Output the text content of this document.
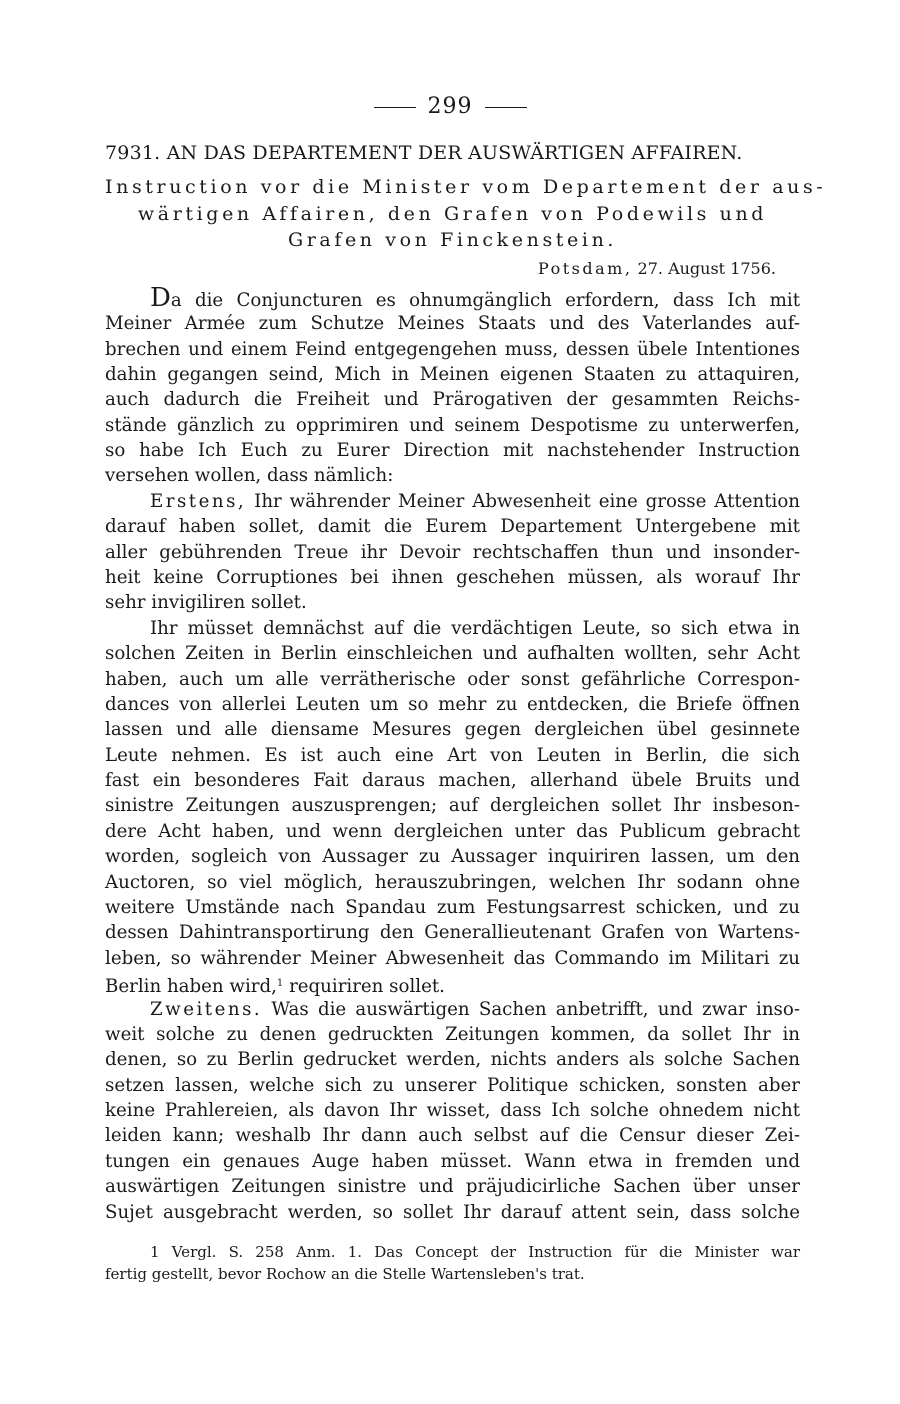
299
7931. AN DAS DEPARTEMENT DER AUSWÄRTIGEN AFFAIREN.
Instruction vor die Minister vom Departement der aus-
wärtigen Affairen, den Grafen von Podewils und
Grafen von Finckenstein.
Potsdam, 27. August 1756.
Da die Conjuncturen es ohnumgänglich erfordern, dass Ich mit
Meiner Armée zum Schutze Meines Staats und des Vaterlandes auf-
brechen und einem Feind entgegengehen muss, dessen übele Intentiones
dahin gegangen seind, Mich in Meinen eigenen Staaten zu attaquiren,
auch dadurch die Freiheit und Prärogativen der gesammten Reichs-
stände gänzlich zu opprimiren und seinem Despotisme zu unterwerfen,
so habe Ich Euch zu Eurer Direction mit nachstehender Instruction
versehen wollen, dass nämlich:
Erstens, Ihr währender Meiner Abwesenheit eine grosse Attention
darauf haben sollet, damit die Eurem Departement Untergebene mit
aller gebührenden Treue ihr Devoir rechtschaffen thun und insonder-
heit keine Corruptiones bei ihnen geschehen müssen, als worauf Ihr
sehr invigiliren sollet.
Ihr müsset demnächst auf die verdächtigen Leute, so sich etwa in
solchen Zeiten in Berlin einschleichen und aufhalten wollten, sehr Acht
haben, auch um alle verrätherische oder sonst gefährliche Correspon-
dances von allerlei Leuten um so mehr zu entdecken, die Briefe öffnen
lassen und alle diensame Mesures gegen dergleichen übel gesinnete
Leute nehmen. Es ist auch eine Art von Leuten in Berlin, die sich
fast ein besonderes Fait daraus machen, allerhand übele Bruits und
sinistre Zeitungen auszusprengen; auf dergleichen sollet Ihr insbeson-
dere Acht haben, und wenn dergleichen unter das Publicum gebracht
worden, sogleich von Aussager zu Aussager inquiriren lassen, um den
Auctoren, so viel möglich, herauszubringen, welchen Ihr sodann ohne
weitere Umstände nach Spandau zum Festungsarrest schicken, und zu
dessen Dahintransportirung den Generallieutenant Grafen von Wartens-
leben, so währender Meiner Abwesenheit das Commando im Militari zu
Berlin haben wird,$^1$ requiriren sollet.
Zweitens. Was die auswärtigen Sachen anbetrifft, und zwar inso-
weit solche zu denen gedruckten Zeitungen kommen, da sollet Ihr in
denen, so zu Berlin gedrucket werden, nichts anders als solche Sachen
setzen lassen, welche sich zu unserer Politique schicken, sonsten aber
keine Prahlereien, als davon Ihr wisset, dass Ich solche ohnedem nicht
leiden kann; weshalb Ihr dann auch selbst auf die Censur dieser Zei-
tungen ein genaues Auge haben müsset. Wann etwa in fremden und
auswärtigen Zeitungen sinistre und präjudicirliche Sachen über unser
Sujet ausgebracht werden, so sollet Ihr darauf attent sein, dass solche
1 Vergl. S. 258 Anm. 1. Das Concept der Instruction für die Minister war
fertig gestellt, bevor Rochow an die Stelle Wartensleben's trat.
